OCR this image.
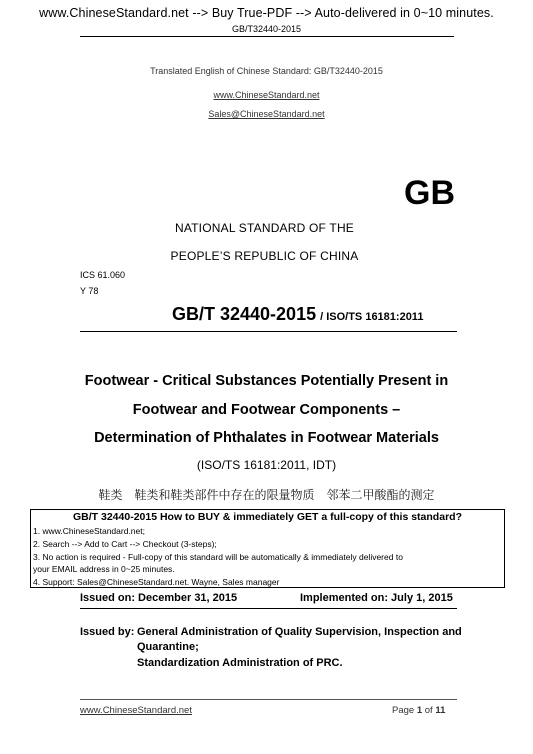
www.ChineseStandard.net --> Buy True-PDF --> Auto-delivered in 0~10 minutes.
GB/T32440-2015
Translated English of Chinese Standard: GB/T32440-2015
www.ChineseStandard.net
Sales@ChineseStandard.net
GB
NATIONAL STANDARD OF THE
PEOPLE’S REPUBLIC OF CHINA
ICS 61.060
Y 78
GB/T 32440-2015 / ISO/TS 16181:2011
Footwear - Critical Substances Potentially Present in
Footwear and Footwear Components –
Determination of Phthalates in Footwear Materials
(ISO/TS 16181:2011, IDT)
鞋类　鞋类和鞋类部件中存在的限量物质　邻苯二甲酸酯的测定
GB/T 32440-2015 How to BUY & immediately GET a full-copy of this standard?
1. www.ChineseStandard.net;
2. Search --> Add to Cart --> Checkout (3-steps);
3. No action is required - Full-copy of this standard will be automatically & immediately delivered to
your EMAIL address in 0~25 minutes.
4. Support: Sales@ChineseStandard.net. Wayne, Sales manager
Issued on: December 31, 2015	Implemented on: July 1, 2015
Issued by: General Administration of Quality Supervision, Inspection and
Quarantine;
Standardization Administration of PRC.
www.ChineseStandard.net	Page 1 of 11
